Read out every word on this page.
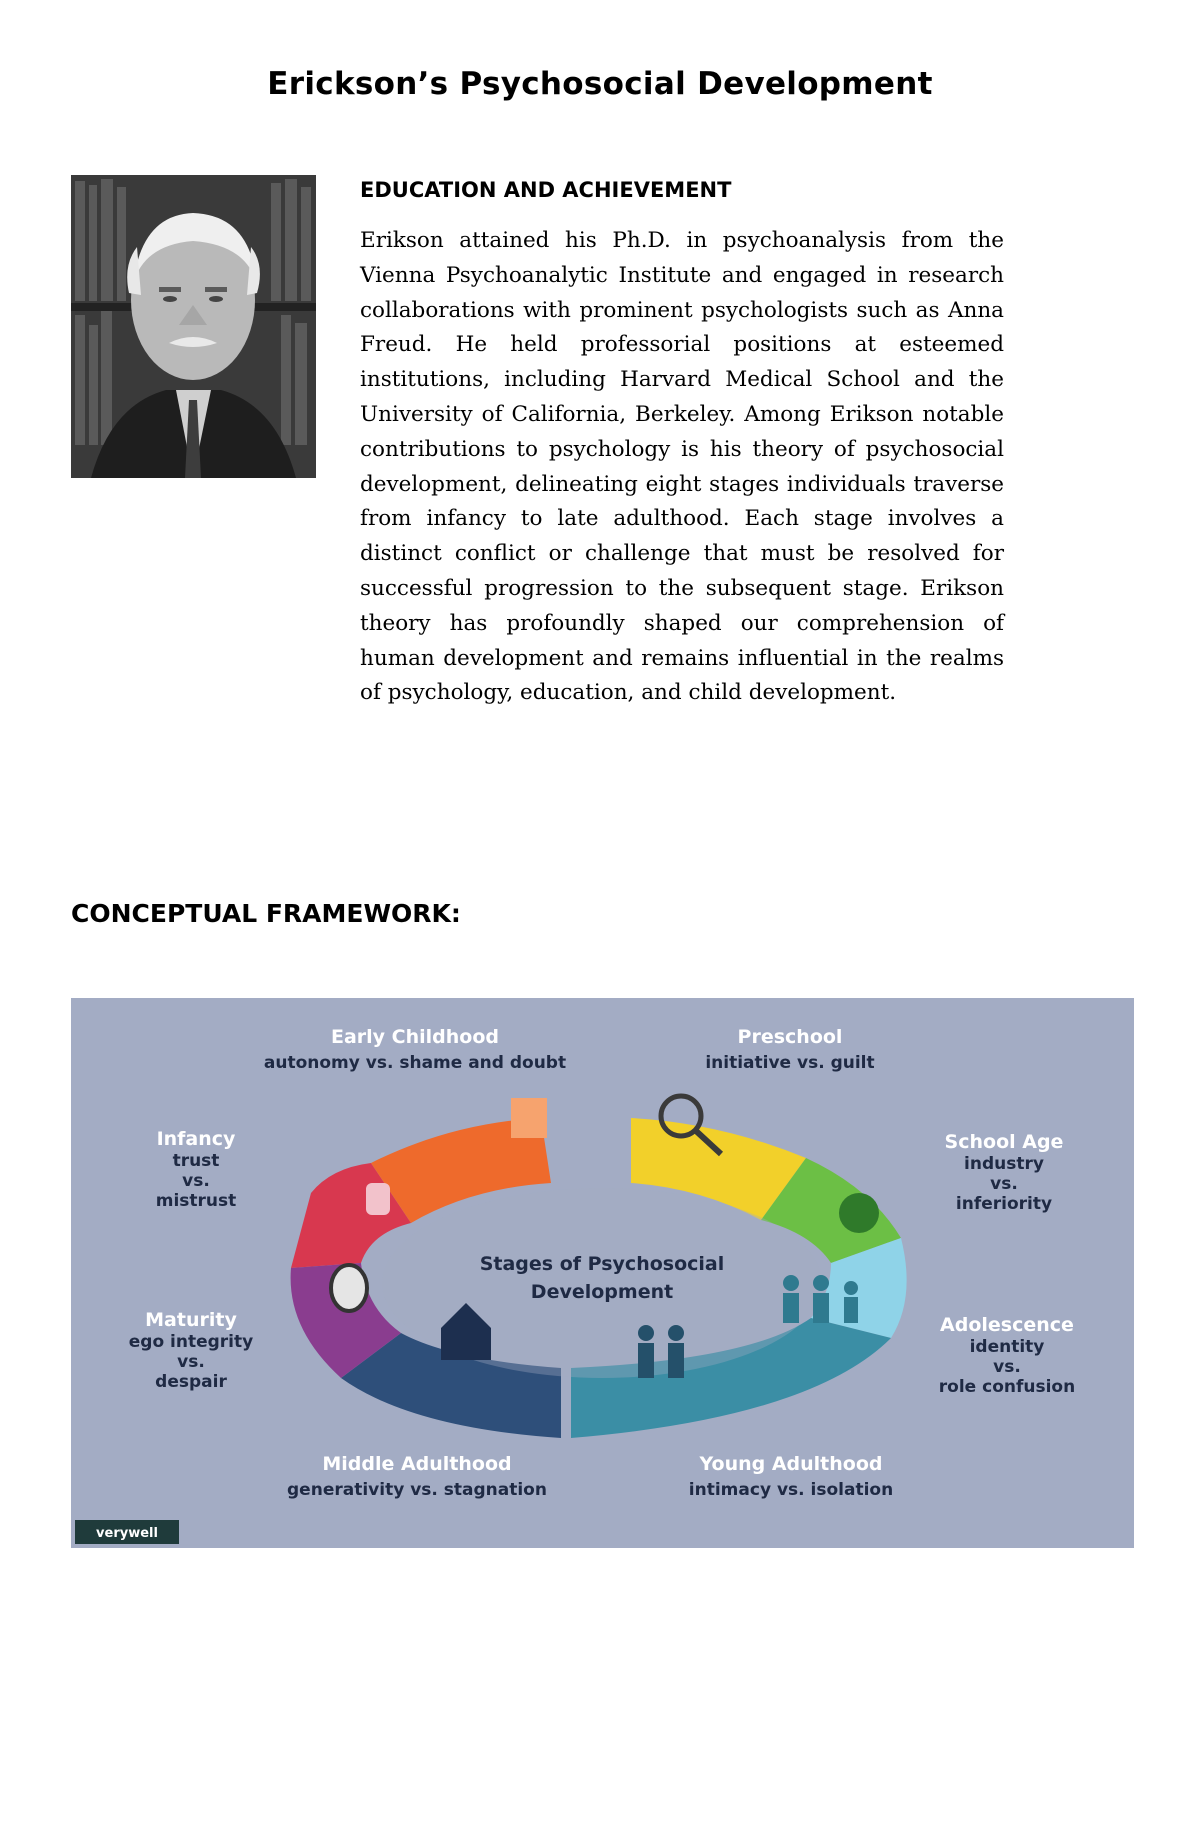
Erickson’s Psychosocial Development
EDUCATION AND ACHIEVEMENT

Erikson attained his Ph.D. in psychoanalysis from the Vienna Psychoanalytic Institute and engaged in research collaborations with prominent psychologists such as Anna Freud. He held professorial positions at esteemed institutions, including Harvard Medical School and the University of California, Berkeley. Among Erikson notable contributions to psychology is his theory of psychosocial development, delineating eight stages individuals traverse from infancy to late adulthood. Each stage involves a distinct conflict or challenge that must be resolved for successful progression to the subsequent stage. Erikson theory has profoundly shaped our comprehension of human development and remains influential in the realms of psychology, education, and child development.

CONCEPTUAL FRAMEWORK:
Stages of Psychosocial
Development
Early Childhood
autonomy vs. shame and doubt
Preschool
initiative vs. guilt
Infancy
trust
vs.
mistrust
School Age
industry
vs.
inferiority
Maturity
ego integrity
vs.
despair
Adolescence
identity
vs.
role confusion
Middle Adulthood
generativity vs. stagnation
Young Adulthood
intimacy vs. isolation
verywell
